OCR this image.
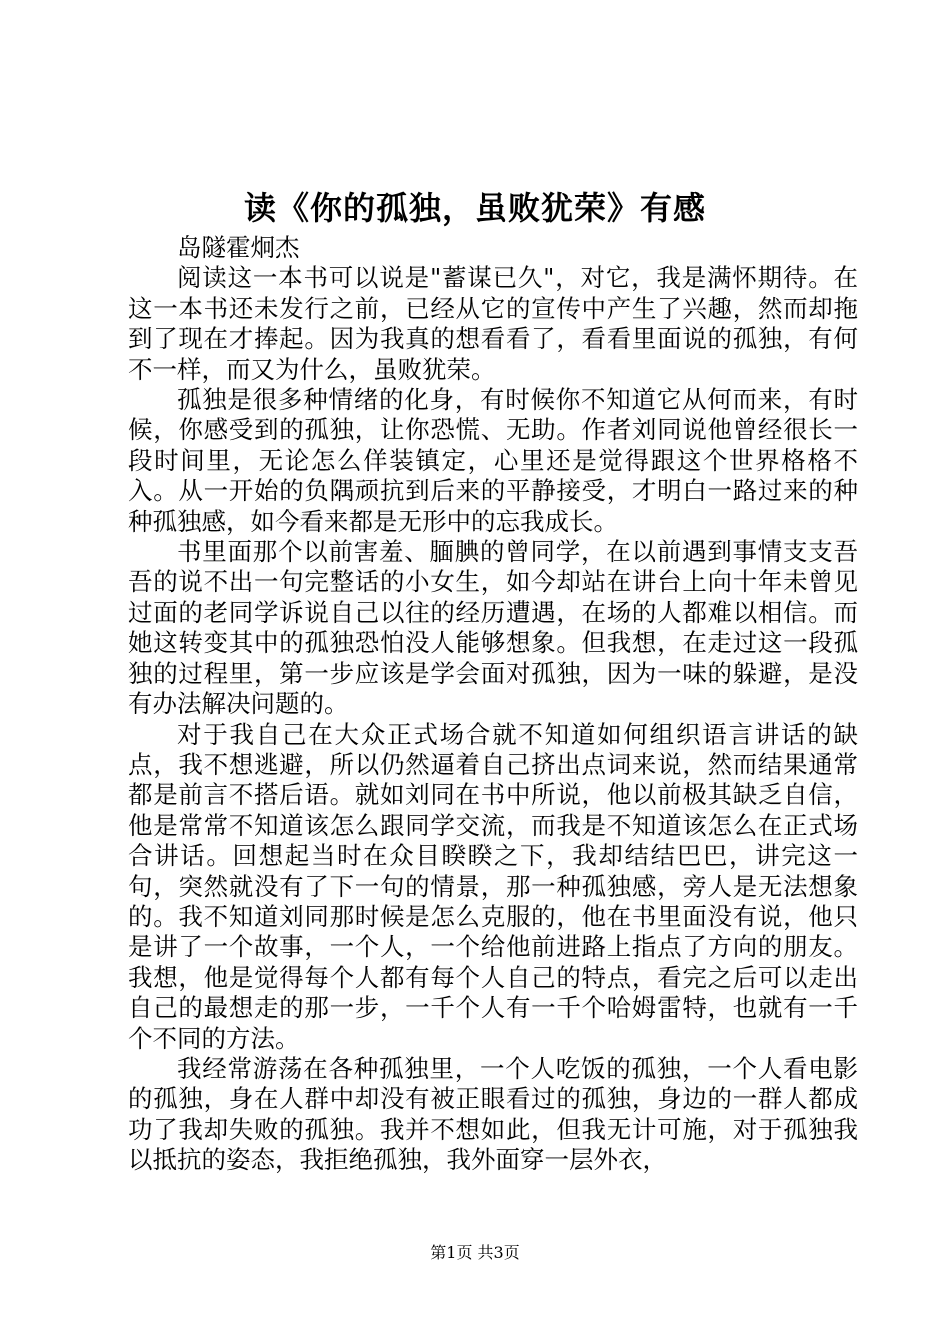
读《你的孤独，虽败犹荣》有感

岛隧霍炯杰

阅读这一本书可以说是"蓄谋已久"，对它，我是满怀期待。在这一本书还未发行之前，已经从它的宣传中产生了兴趣，然而却拖到了现在才捧起。因为我真的想看看了，看看里面说的孤独，有何不一样，而又为什么，虽败犹荣。

孤独是很多种情绪的化身，有时候你不知道它从何而来，有时候，你感受到的孤独，让你恐慌、无助。作者刘同说他曾经很长一段时间里，无论怎么佯装镇定，心里还是觉得跟这个世界格格不入。从一开始的负隅顽抗到后来的平静接受，才明白一路过来的种种孤独感，如今看来都是无形中的忘我成长。

书里面那个以前害羞、腼腆的曾同学，在以前遇到事情支支吾吾的说不出一句完整话的小女生，如今却站在讲台上向十年未曾见过面的老同学诉说自己以往的经历遭遇，在场的人都难以相信。而她这转变其中的孤独恐怕没人能够想象。但我想，在走过这一段孤独的过程里，第一步应该是学会面对孤独，因为一味的躲避，是没有办法解决问题的。

对于我自己在大众正式场合就不知道如何组织语言讲话的缺点，我不想逃避，所以仍然逼着自己挤出点词来说，然而结果通常都是前言不搭后语。就如刘同在书中所说，他以前极其缺乏自信，他是常常不知道该怎么跟同学交流，而我是不知道该怎么在正式场合讲话。回想起当时在众目睽睽之下，我却结结巴巴，讲完这一句，突然就没有了下一句的情景，那一种孤独感，旁人是无法想象的。我不知道刘同那时候是怎么克服的，他在书里面没有说，他只是讲了一个故事，一个人，一个给他前进路上指点了方向的朋友。我想，他是觉得每个人都有每个人自己的特点，看完之后可以走出自己的最想走的那一步，一千个人有一千个哈姆雷特，也就有一千个不同的方法。

我经常游荡在各种孤独里，一个人吃饭的孤独，一个人看电影的孤独，身在人群中却没有被正眼看过的孤独，身边的一群人都成功了我却失败的孤独。我并不想如此，但我无计可施，对于孤独我以抵抗的姿态，我拒绝孤独，我外面穿一层外衣，

第1页 共3页
